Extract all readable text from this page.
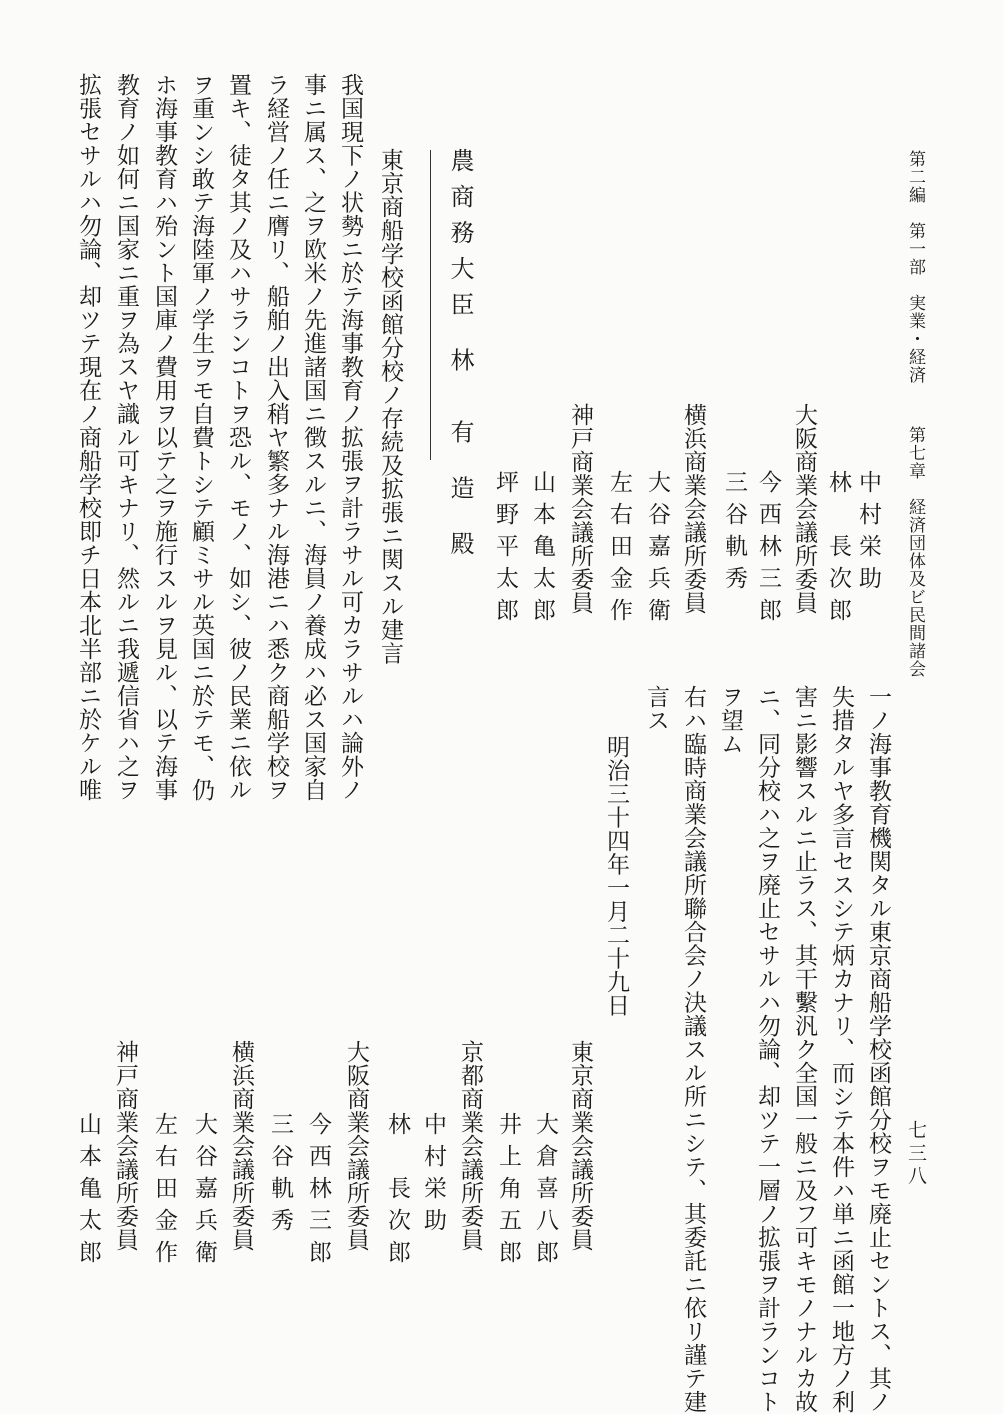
第二編　第一部　実業・経済
第七章　経済団体及ビ民間諸会
七三八
中村栄助
林　長次郎
大阪商業会議所委員
今西林三郎
三谷軌秀
横浜商業会議所委員
大谷嘉兵衛
左右田金作
神戸商業会議所委員
山本亀太郎
坪野平太郎
農商務大臣 林　有 造 殿
東京商船学校函館分校ノ存続及拡張ニ関スル建言
我国現下ノ状勢ニ於テ海事教育ノ拡張ヲ計ラサル可カラサルハ論外ノ
事ニ属ス、之ヲ欧米ノ先進諸国ニ徴スルニ、海員ノ養成ハ必ス国家自
ラ経営ノ任ニ膺リ、船舶ノ出入稍ヤ繁多ナル海港ニハ悉ク商船学校ヲ
置キ、徒タ其ノ及ハサランコトヲ恐ル、モノ、如シ、彼ノ民業ニ依ル
ヲ重ンシ敢テ海陸軍ノ学生ヲモ自費トシテ顧ミサル英国ニ於テモ、仍
ホ海事教育ハ殆ント国庫ノ費用ヲ以テ之ヲ施行スルヲ見ル、以テ海事
教育ノ如何ニ国家ニ重ヲ為スヤ識ル可キナリ、然ルニ我遞信省ハ之ヲ
拡張セサルハ勿論、却ツテ現在ノ商船学校即チ日本北半部ニ於ケル唯
一ノ海事教育機関タル東京商船学校函館分校ヲモ廃止セントス、其ノ
失措タルヤ多言セスシテ炳カナリ、而シテ本件ハ単ニ函館一地方ノ利
害ニ影響スルニ止ラス、其干繫汎ク全国一般ニ及フ可キモノナルカ故
ニ、同分校ハ之ヲ廃止セサルハ勿論、却ツテ一層ノ拡張ヲ計ランコト
ヲ望ム
右ハ臨時商業会議所聯合会ノ決議スル所ニシテ、其委託ニ依リ謹テ建
言ス
明治三十四年一月二十九日
東京商業会議所委員
大倉喜八郎
井上角五郎
京都商業会議所委員
中村栄助
林　長次郎
大阪商業会議所委員
今西林三郎
三谷軌秀
横浜商業会議所委員
大谷嘉兵衛
左右田金作
神戸商業会議所委員
山本亀太郎
